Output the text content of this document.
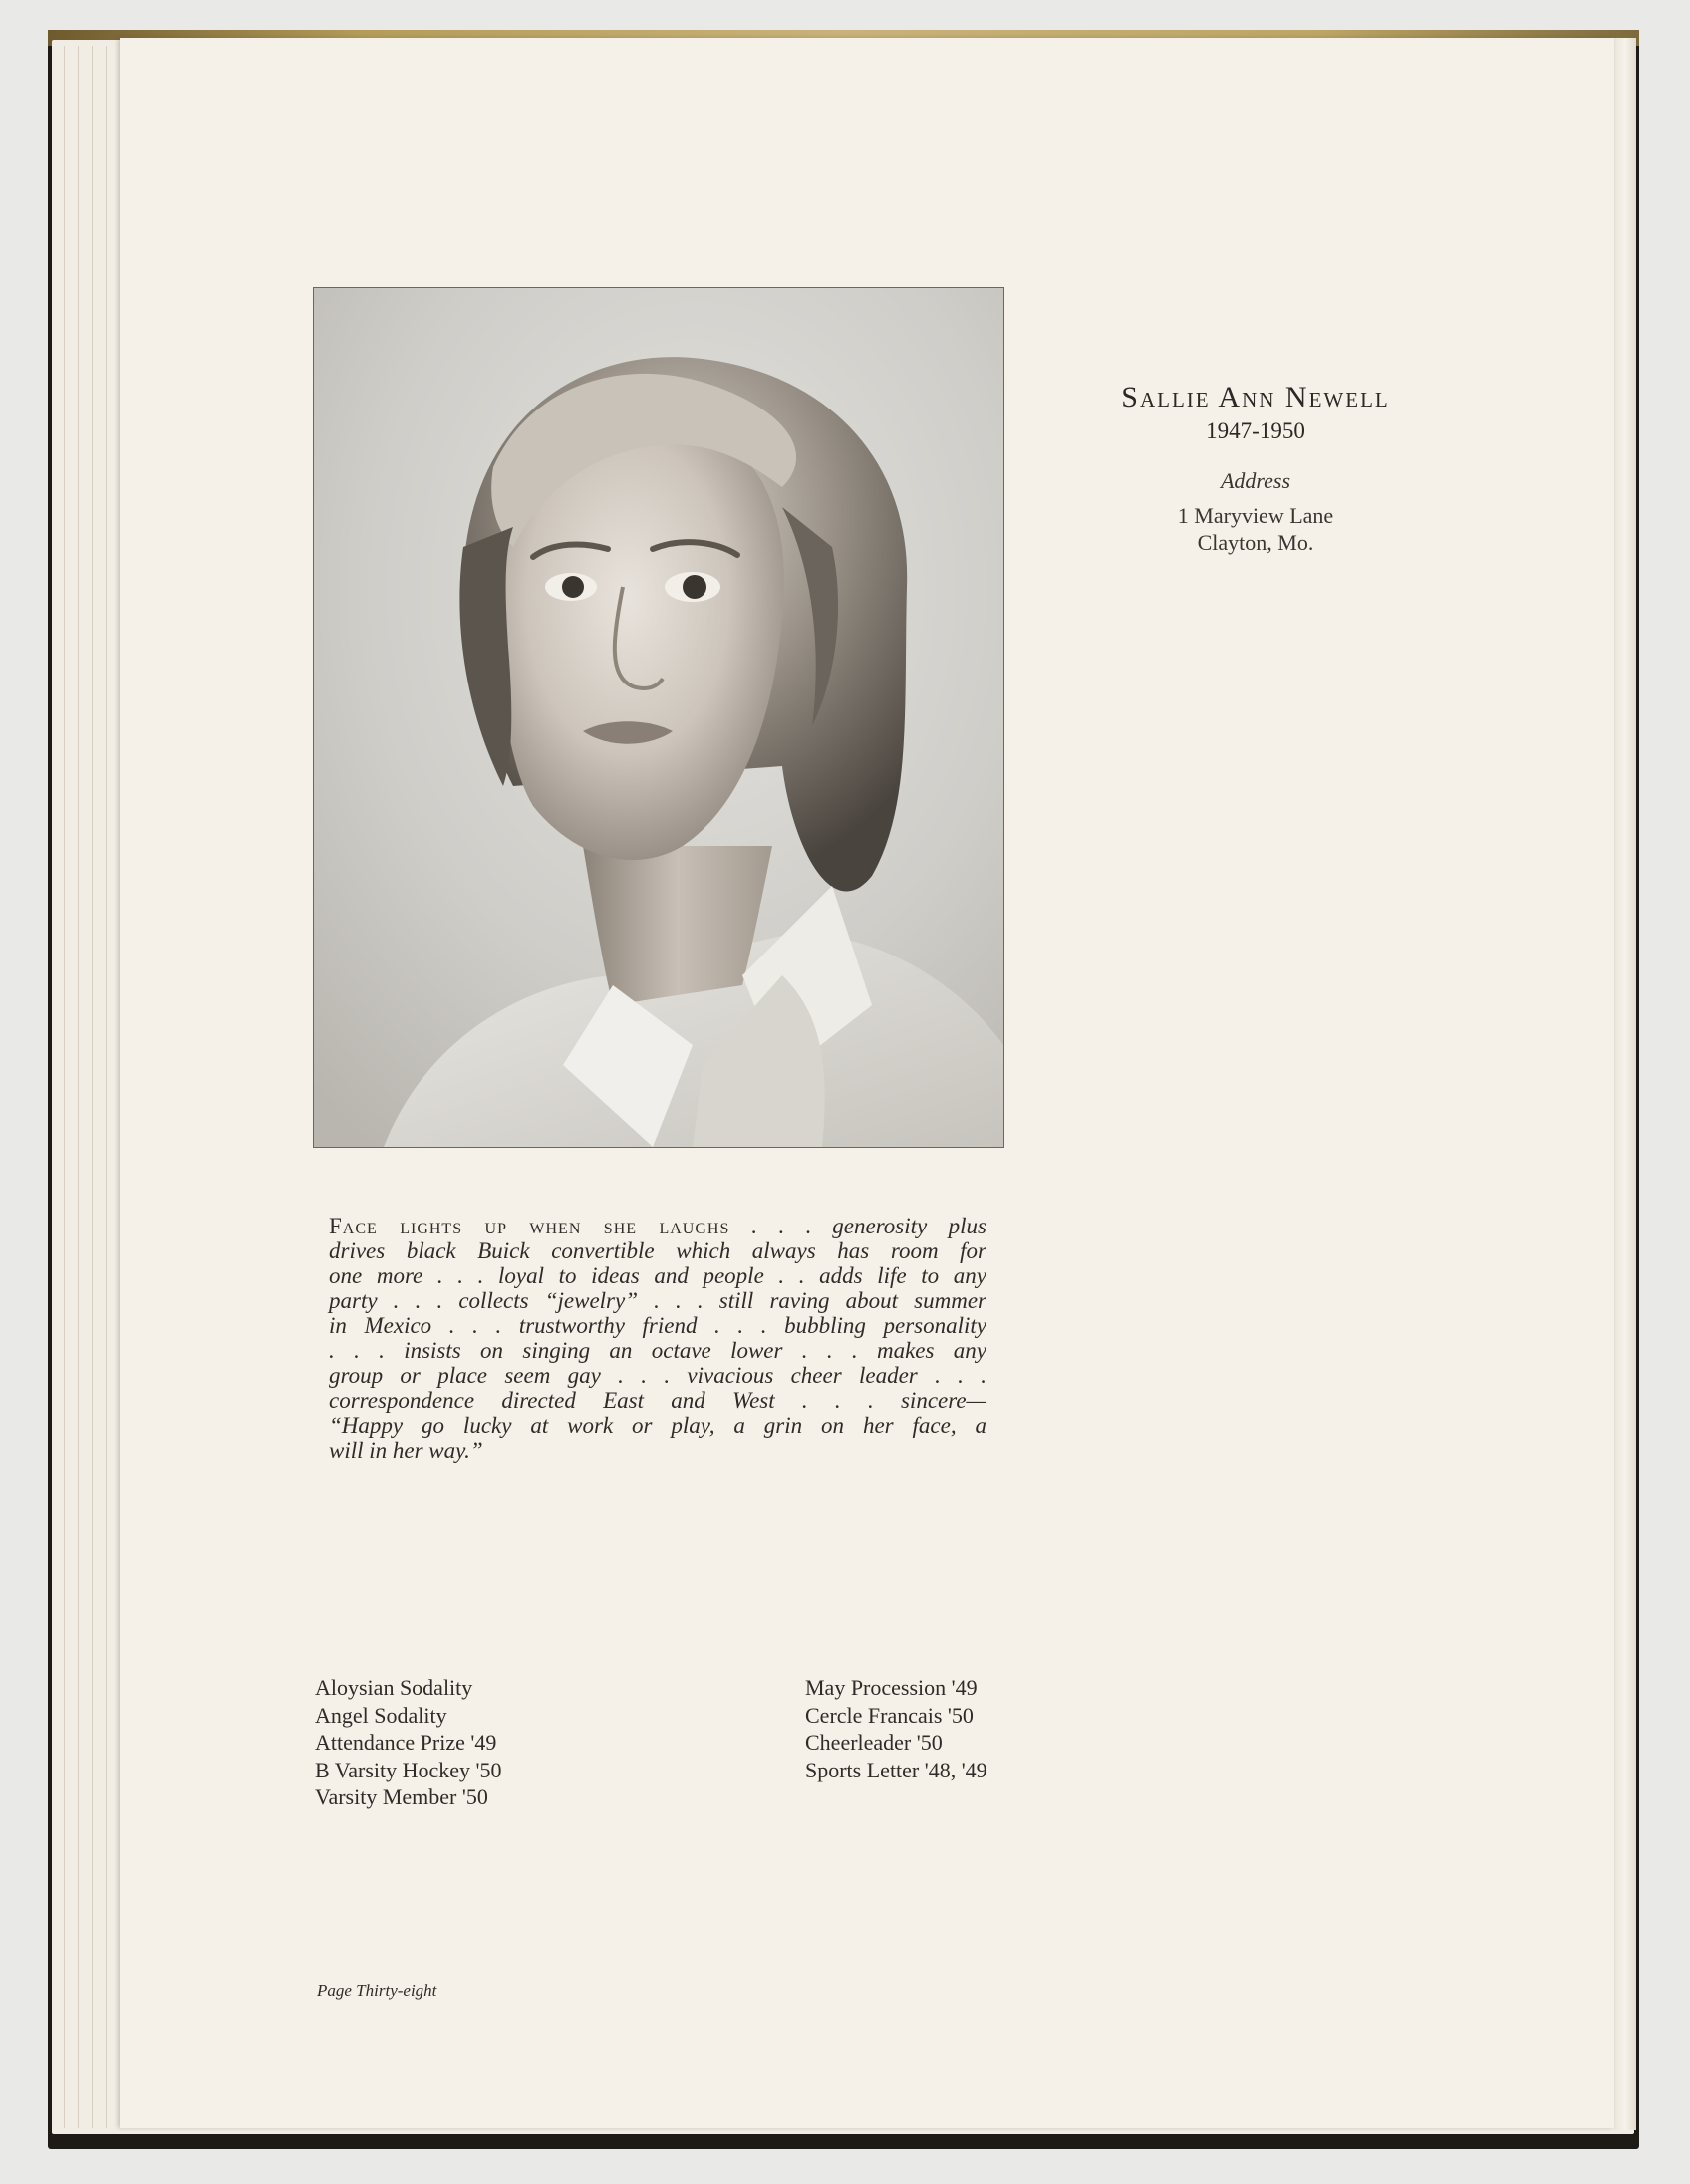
Sallie Ann Newell
1947-1950
Address
1 Maryview Lane
Clayton, Mo.
Face lights up when she laughs . . . generosity plus
drives black Buick convertible which always has room for
one more . . . loyal to ideas and people . . adds life to any
party . . . collects “jewelry” . . . still raving about summer
in Mexico . . . trustworthy friend . . . bubbling personality
. . . insists on singing an octave lower . . . makes any
group or place seem gay . . . vivacious cheer leader . . .
correspondence directed East and West . . . sincere—
“Happy go lucky at work or play, a grin on her face, a
will in her way.”
Aloysian Sodality
Angel Sodality
Attendance Prize '49
B Varsity Hockey '50
Varsity Member '50
May Procession '49
Cercle Francais '50
Cheerleader '50
Sports Letter '48, '49
Page Thirty-eight
